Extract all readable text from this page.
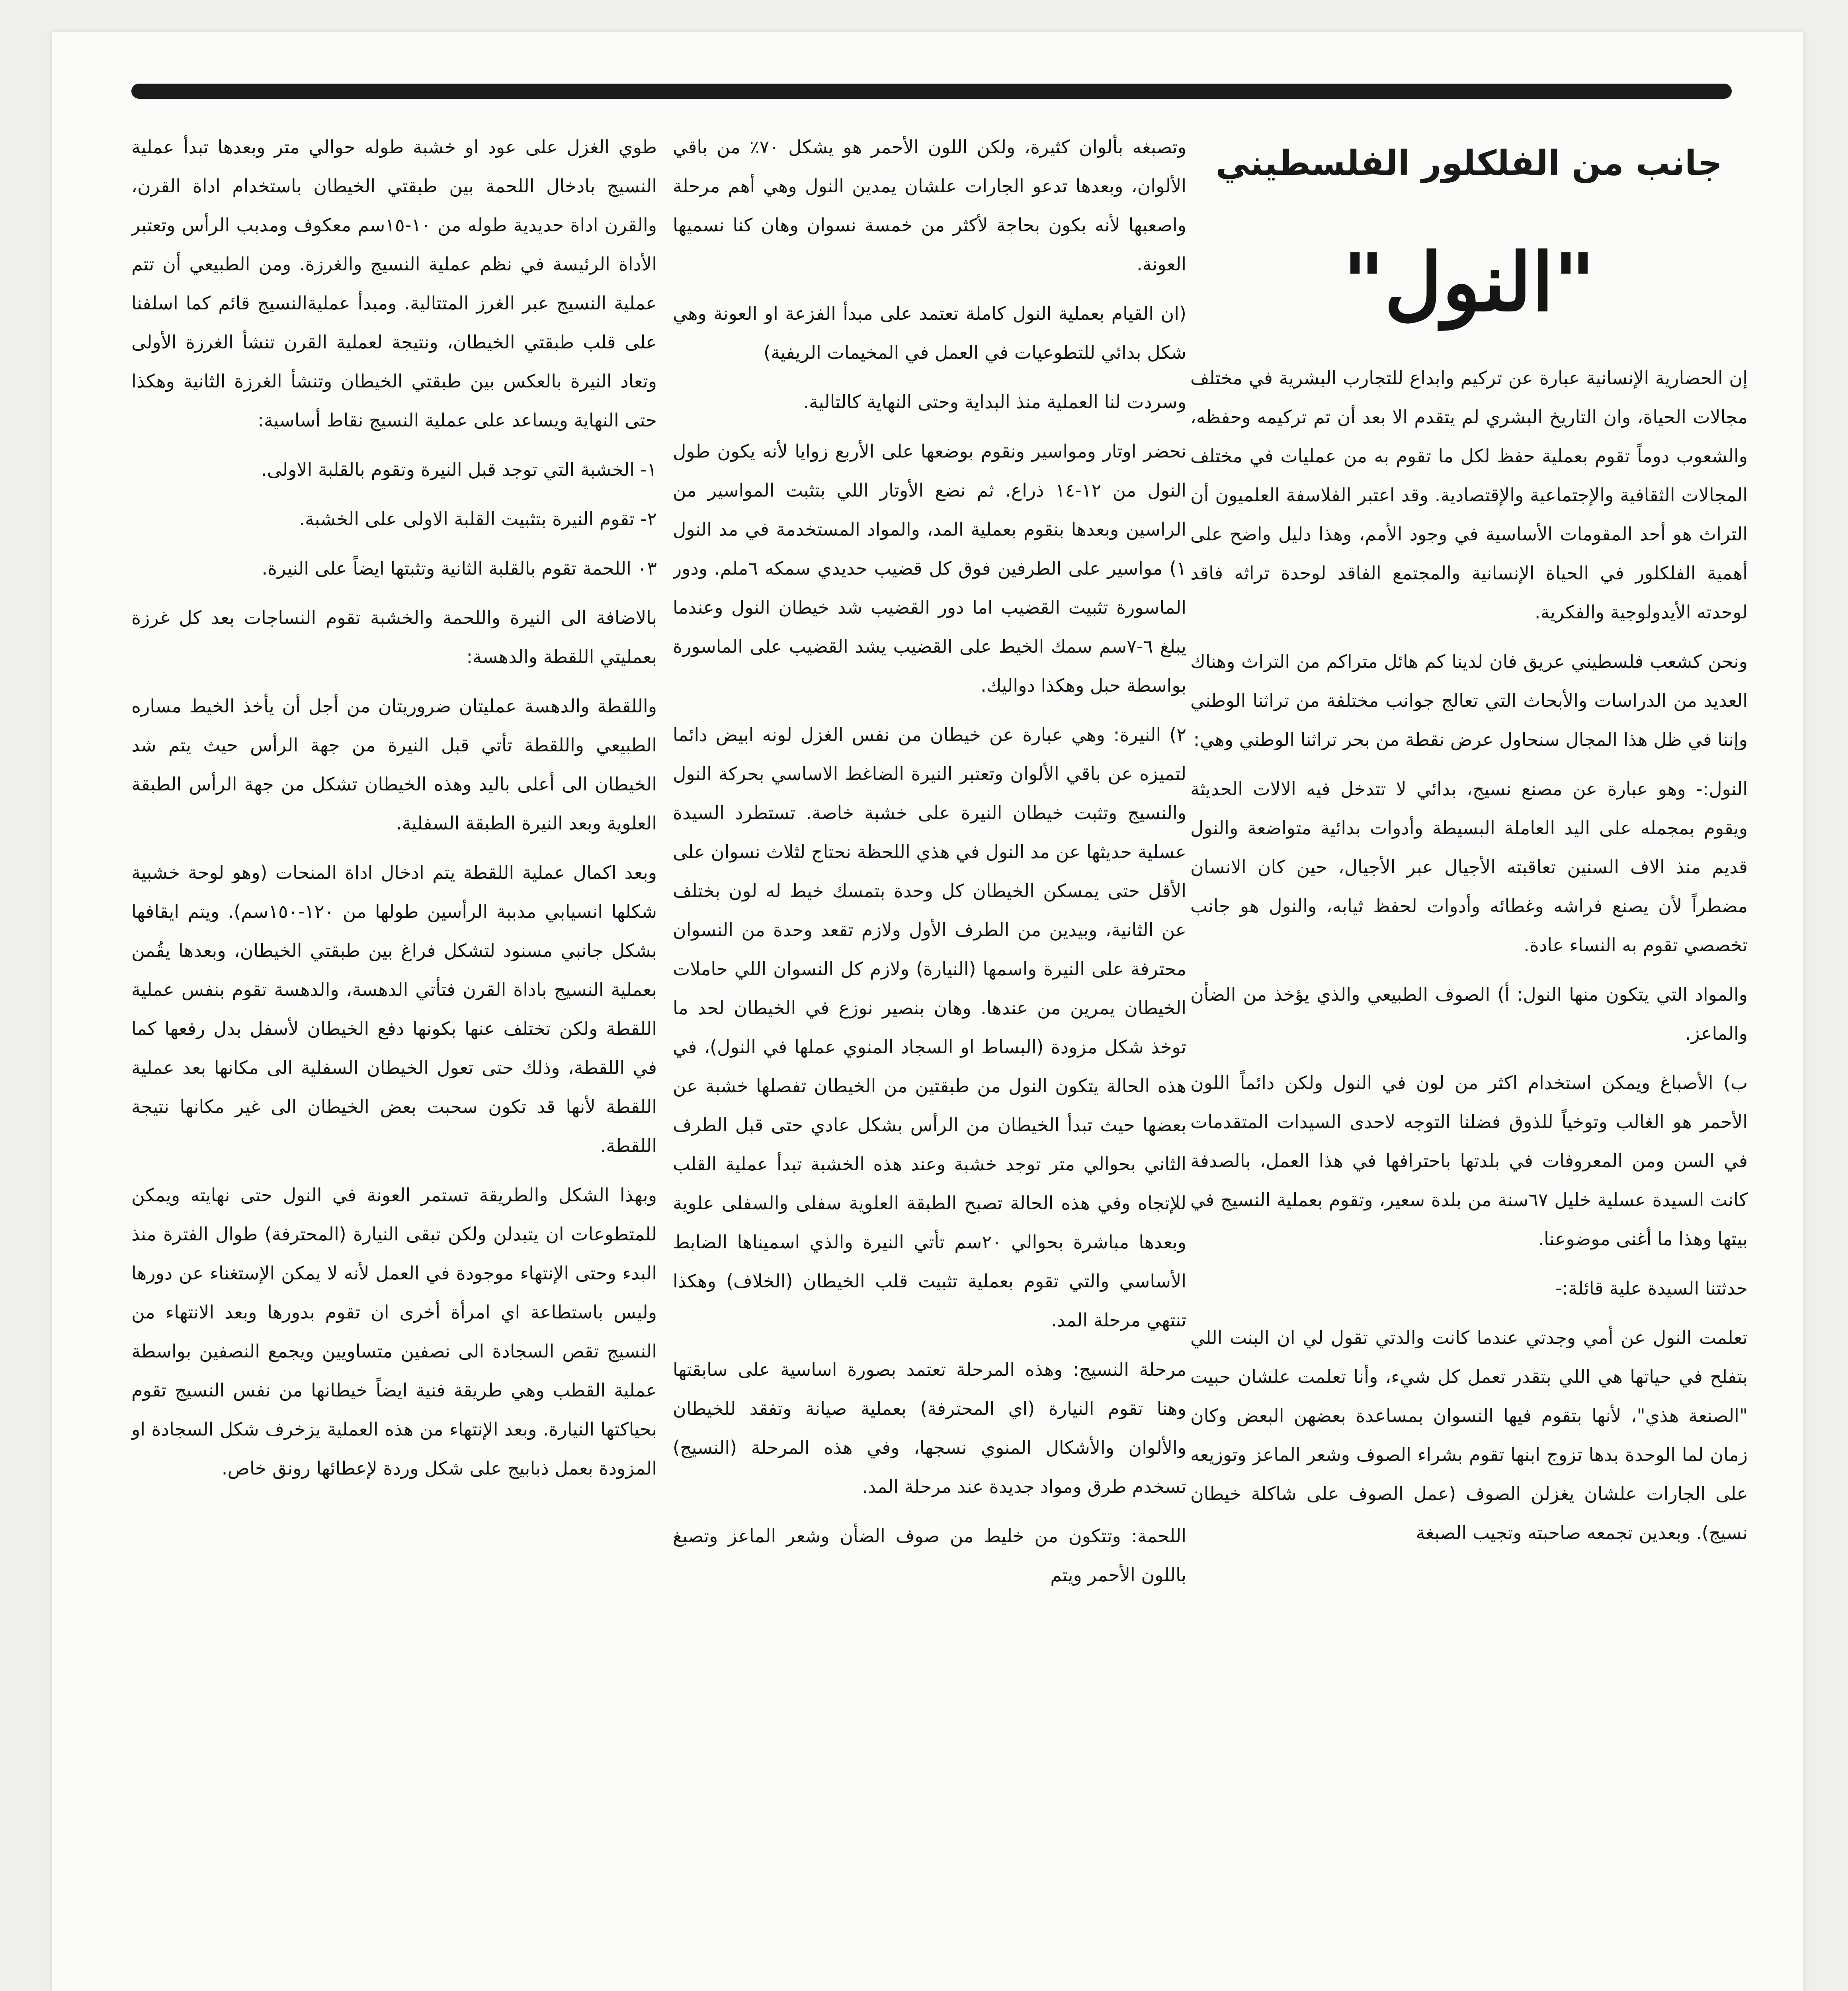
جانب من الفلكلور الفلسطيني
"النول"

إن الحضارية الإنسانية عبارة عن تركيم وابداع للتجارب البشرية في مختلف مجالات الحياة، وان التاريخ البشري لم يتقدم الا بعد أن تم تركيمه وحفظه، والشعوب دوماً تقوم بعملية حفظ لكل ما تقوم به من عمليات في مختلف المجالات الثقافية والإجتماعية والإقتصادية. وقد اعتبر الفلاسفة العلميون أن التراث هو أحد المقومات الأساسية في وجود الأمم، وهذا دليل واضح على أهمية الفلكلور في الحياة الإنسانية والمجتمع الفاقد لوحدة تراثه فاقد لوحدته الأيدولوجية والفكرية.

ونحن كشعب فلسطيني عريق فان لدينا كم هائل متراكم من التراث وهناك العديد من الدراسات والأبحاث التي تعالج جوانب مختلفة من تراثنا الوطني وإننا في ظل هذا المجال سنحاول عرض نقطة من بحر تراثنا الوطني وهي:

النول:- وهو عبارة عن مصنع نسيج، بدائي لا تتدخل فيه الالات الحديثة ويقوم بمجمله على اليد العاملة البسيطة وأدوات بدائية متواضعة والنول قديم منذ الاف السنين تعاقبته الأجيال عبر الأجيال، حين كان الانسان مضطراً لأن يصنع فراشه وغطائه وأدوات لحفظ ثيابه، والنول هو جانب تخصصي تقوم به النساء عادة.

والمواد التي يتكون منها النول: أ) الصوف الطبيعي والذي يؤخذ من الضأن والماعز.

ب) الأصباغ ويمكن استخدام اكثر من لون في النول ولكن دائماً اللون الأحمر هو الغالب وتوخياً للذوق فضلنا التوجه لاحدى السيدات المتقدمات في السن ومن المعروفات في بلدتها باحترافها في هذا العمل، بالصدفة كانت السيدة عسلية خليل ٦٧سنة من بلدة سعير، وتقوم بعملية النسيج في بيتها وهذا ما أغنى موضوعنا.

حدثتنا السيدة علية قائلة:-

تعلمت النول عن أمي وجدتي عندما كانت والدتي تقول لي ان البنت اللي بتفلح في حياتها هي اللي بتقدر تعمل كل شيء، وأنا تعلمت علشان حبيت "الصنعة هذي"، لأنها بتقوم فيها النسوان بمساعدة بعضهن البعض وكان زمان لما الوحدة بدها تزوج ابنها تقوم بشراء الصوف وشعر الماعز وتوزيعه على الجارات علشان يغزلن الصوف (عمل الصوف على شاكلة خيطان نسيج). وبعدين تجمعه صاحبته وتجيب الصبغة

وتصبغه بألوان كثيرة، ولكن اللون الأحمر هو يشكل ٧٠٪ من باقي الألوان، وبعدها تدعو الجارات علشان يمدين النول وهي أهم مرحلة واصعبها لأنه بكون بحاجة لأكثر من خمسة نسوان وهان كنا نسميها العونة.

(ان القيام بعملية النول كاملة تعتمد على مبدأ الفزعة او العونة وهي شكل بدائي للتطوعيات في العمل في المخيمات الريفية)

وسردت لنا العملية منذ البداية وحتى النهاية كالتالية.

نحضر اوتار ومواسير ونقوم بوضعها على الأربع زوايا لأنه يكون طول النول من ١٢-١٤ ذراع. ثم نضع الأوتار اللي بتثبت المواسير من الراسين وبعدها بنقوم بعملية المد، والمواد المستخدمة في مد النول ١) مواسير على الطرفين فوق كل قضيب حديدي سمكه ٦ملم. ودور الماسورة تثبيت القضيب اما دور القضيب شد خيطان النول وعندما يبلغ ٦-٧سم سمك الخيط على القضيب يشد القضيب على الماسورة بواسطة حبل وهكذا دواليك.

٢) النيرة: وهي عبارة عن خيطان من نفس الغزل لونه ابيض دائما لتميزه عن باقي الألوان وتعتبر النيرة الضاغط الاساسي بحركة النول والنسيج وتثبت خيطان النيرة على خشبة خاصة. تستطرد السيدة عسلية حديثها عن مد النول في هذي اللحظة نحتاج لثلاث نسوان على الأقل حتى يمسكن الخيطان كل وحدة بتمسك خيط له لون بختلف عن الثانية، وبيدين من الطرف الأول ولازم تقعد وحدة من النسوان محترفة على النيرة واسمها (النيارة) ولازم كل النسوان اللي حاملات الخيطان يمرين من عندها. وهان بنصير نوزع في الخيطان لحد ما توخذ شكل مزودة (البساط او السجاد المنوي عملها في النول)، في هذه الحالة يتكون النول من طبقتين من الخيطان تفصلها خشبة عن بعضها حيث تبدأ الخيطان من الرأس بشكل عادي حتى قبل الطرف الثاني بحوالي متر توجد خشبة وعند هذه الخشبة تبدأ عملية القلب للإتجاه وفي هذه الحالة تصبح الطبقة العلوية سفلى والسفلى علوية وبعدها مباشرة بحوالي ٢٠سم تأتي النيرة والذي اسميناها الضابط الأساسي والتي تقوم بعملية تثبيت قلب الخيطان (الخلاف) وهكذا تنتهي مرحلة المد.

مرحلة النسيج: وهذه المرحلة تعتمد بصورة اساسية على سابقتها وهنا تقوم النيارة (اي المحترفة) بعملية صيانة وتفقد للخيطان والألوان والأشكال المنوي نسجها، وفي هذه المرحلة (النسيج) تسخدم طرق ومواد جديدة عند مرحلة المد.

اللحمة: وتتكون من خليط من صوف الضأن وشعر الماعز وتصبغ باللون الأحمر ويتم

طوي الغزل على عود او خشبة طوله حوالي متر وبعدها تبدأ عملية النسيج بادخال اللحمة بين طبقتي الخيطان باستخدام اداة القرن، والقرن اداة حديدية طوله من ١٠-١٥سم معكوف ومدبب الرأس وتعتبر الأداة الرئيسة في نظم عملية النسيج والغرزة. ومن الطبيعي أن تتم عملية النسيج عبر الغرز المتتالية. ومبدأ عمليةالنسيج قائم كما اسلفنا على قلب طبقتي الخيطان، ونتيجة لعملية القرن تنشأ الغرزة الأولى وتعاد النيرة بالعكس بين طبقتي الخيطان وتنشأ الغرزة الثانية وهكذا حتى النهاية ويساعد على عملية النسيج نقاط أساسية:

١- الخشبة التي توجد قبل النيرة وتقوم بالقلبة الاولى.

٢- تقوم النيرة بتثبيت القلبة الاولى على الخشبة.

٠٣ اللحمة تقوم بالقلبة الثانية وتثبتها ايضاً على النيرة.

بالاضافة الى النيرة واللحمة والخشبة تقوم النساجات بعد كل غرزة بعمليتي اللقطة والدهسة:

واللقطة والدهسة عمليتان ضروريتان من أجل أن يأخذ الخيط مساره الطبيعي واللقطة تأتي قبل النيرة من جهة الرأس حيث يتم شد الخيطان الى أعلى باليد وهذه الخيطان تشكل من جهة الرأس الطبقة العلوية وبعد النيرة الطبقة السفلية.

وبعد اكمال عملية اللقطة يتم ادخال اداة المنحات (وهو لوحة خشبية شكلها انسيابي مدببة الرأسين طولها من ١٢٠-١٥٠سم). ويتم ايقافها بشكل جانبي مسنود لتشكل فراغ بين طبقتي الخيطان، وبعدها يقُمن بعملية النسيج باداة القرن فتأتي الدهسة، والدهسة تقوم بنفس عملية اللقطة ولكن تختلف عنها بكونها دفع الخيطان لأسفل بدل رفعها كما في اللقطة، وذلك حتى تعول الخيطان السفلية الى مكانها بعد عملية اللقطة لأنها قد تكون سحبت بعض الخيطان الى غير مكانها نتيجة اللقطة.

وبهذا الشكل والطريقة تستمر العونة في النول حتى نهايته ويمكن للمتطوعات ان يتبدلن ولكن تبقى النيارة (المحترفة) طوال الفترة منذ البدء وحتى الإنتهاء موجودة في العمل لأنه لا يمكن الإستغناء عن دورها وليس باستطاعة اي امرأة أخرى ان تقوم بدورها وبعد الانتهاء من النسيج تقص السجادة الى نصفين متساويين ويجمع النصفين بواسطة عملية القطب وهي طريقة فنية ايضاً خيطانها من نفس النسيج تقوم بحياكتها النيارة. وبعد الإنتهاء من هذه العملية يزخرف شكل السجادة او المزودة بعمل ذبابيج على شكل وردة لإعطائها رونق خاص.
